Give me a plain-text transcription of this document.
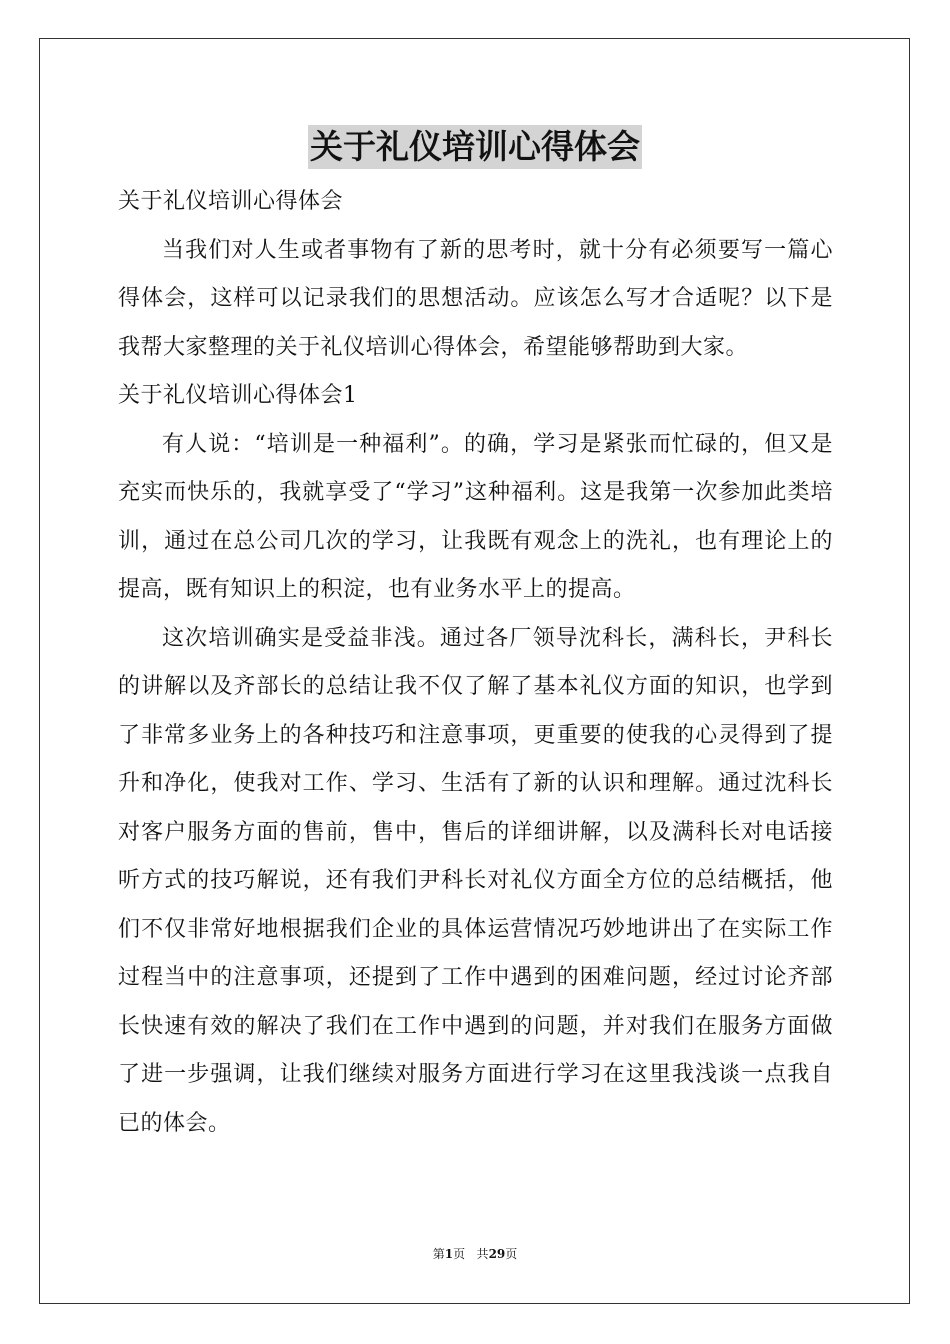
关于礼仪培训心得体会

关于礼仪培训心得体会

当我们对人生或者事物有了新的思考时，就十分有必须要写一篇心得体会，这样可以记录我们的思想活动。应该怎么写才合适呢？以下是我帮大家整理的关于礼仪培训心得体会，希望能够帮助到大家。

关于礼仪培训心得体会1

有人说：“培训是一种福利”。的确，学习是紧张而忙碌的，但又是充实而快乐的，我就享受了“学习”这种福利。这是我第一次参加此类培训，通过在总公司几次的学习，让我既有观念上的洗礼，也有理论上的提高，既有知识上的积淀，也有业务水平上的提高。

这次培训确实是受益非浅。通过各厂领导沈科长，满科长，尹科长的讲解以及齐部长的总结让我不仅了解了基本礼仪方面的知识，也学到了非常多业务上的各种技巧和注意事项，更重要的使我的心灵得到了提升和净化，使我对工作、学习、生活有了新的认识和理解。通过沈科长对客户服务方面的售前，售中，售后的详细讲解，以及满科长对电话接听方式的技巧解说，还有我们尹科长对礼仪方面全方位的总结概括，他们不仅非常好地根据我们企业的具体运营情况巧妙地讲出了在实际工作过程当中的注意事项，还提到了工作中遇到的困难问题，经过讨论齐部长快速有效的解决了我们在工作中遇到的问题，并对我们在服务方面做了进一步强调，让我们继续对服务方面进行学习在这里我浅谈一点我自已的体会。

第1页 共29页
